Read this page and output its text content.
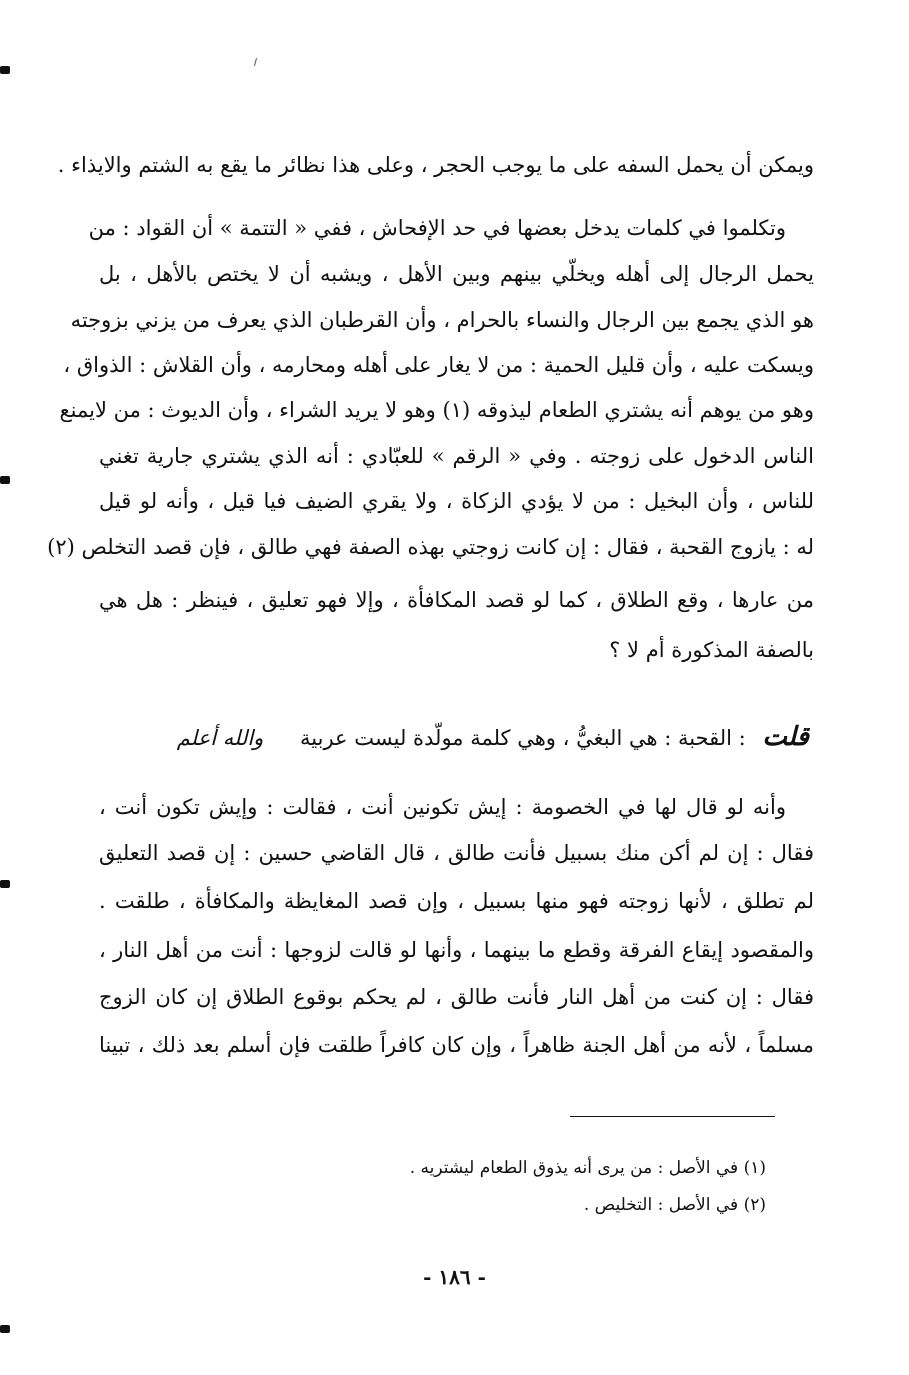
ويمكن أن يحمل السفه على ما يوجب الحجر ، وعلى هذا نظائر ما يقع به الشتم والايذاء .
وتكلموا في كلمات يدخل بعضها في حد الإفحاش ، ففي « التتمة » أن القواد : من
يحمل الرجال إلى أهله ويخلّي بينهم وبين الأهل ، ويشبه أن لا يختص بالأهل ، بل
هو الذي يجمع بين الرجال والنساء بالحرام ، وأن القرطبان الذي يعرف من يزني بزوجته
ويسكت عليه ، وأن قليل الحمية : من لا يغار على أهله ومحارمه ، وأن القلاش : الذواق ،
وهو من يوهم أنه يشتري الطعام ليذوقه (١) وهو لا يريد الشراء ، وأن الديوث : من لايمنع
الناس الدخول على زوجته . وفي « الرقم » للعبّادي : أنه الذي يشتري جارية تغني
للناس ، وأن البخيل : من لا يؤدي الزكاة ، ولا يقري الضيف فيا قيل ، وأنه لو قيل
له : يازوج القحبة ، فقال : إن كانت زوجتي بهذه الصفة فهي طالق ، فإن قصد التخلص (٢)
من عارها ، وقع الطلاق ، كما لو قصد المكافأة ، وإلا فهو تعليق ، فينظر : هل هي
بالصفة المذكورة أم لا ؟
قلت : القحبة : هي البغيُّ ، وهي كلمة مولّدة ليست عربية والله أعلم
وأنه لو قال لها في الخصومة : إيش تكونين أنت ، فقالت : وإيش تكون أنت ،
فقال : إن لم أكن منك بسبيل فأنت طالق ، قال القاضي حسين : إن قصد التعليق
لم تطلق ، لأنها زوجته فهو منها بسبيل ، وإن قصد المغايظة والمكافأة ، طلقت .
والمقصود إيقاع الفرقة وقطع ما بينهما ، وأنها لو قالت لزوجها : أنت من أهل النار ،
فقال : إن كنت من أهل النار فأنت طالق ، لم يحكم بوقوع الطلاق إن كان الزوج
مسلماً ، لأنه من أهل الجنة ظاهراً ، وإن كان كافراً طلقت فإن أسلم بعد ذلك ، تبينا
(١) في الأصل : من يرى أنه يذوق الطعام ليشتريه .
(٢) في الأصل : التخليص .
- ١٨٦ -
